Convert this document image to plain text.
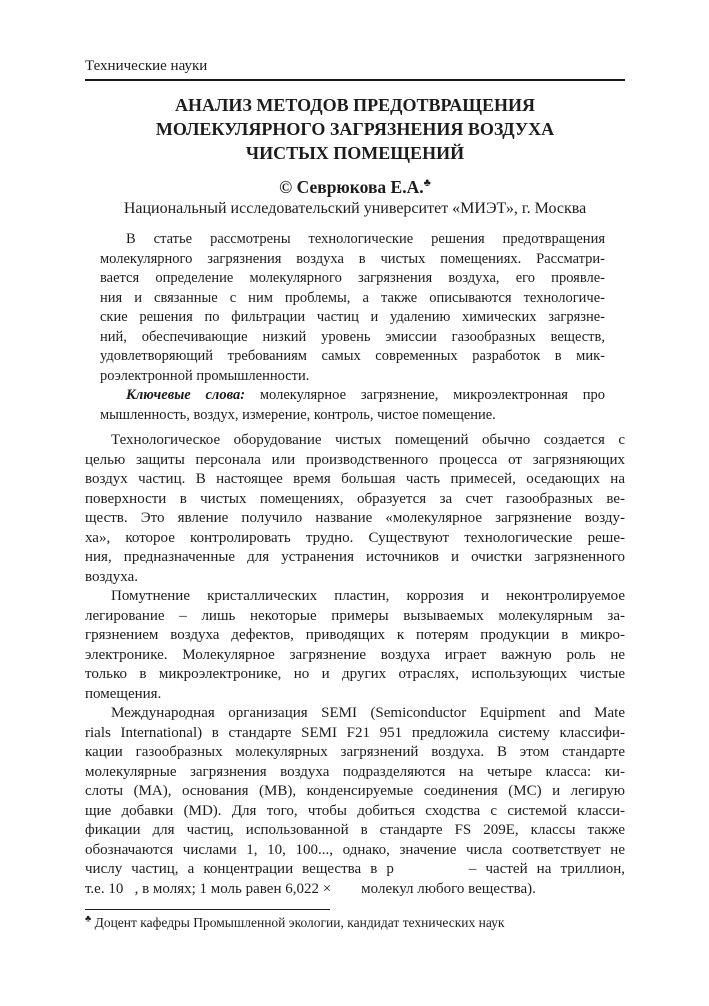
Технические науки
АНАЛИЗ МЕТОДОВ ПРЕДОТВРАЩЕНИЯ
МОЛЕКУЛЯРНОГО ЗАГРЯЗНЕНИЯ ВОЗДУХА
ЧИСТЫХ ПОМЕЩЕНИЙ
© Севрюкова Е.А.♣
Национальный исследовательский университет «МИЭТ», г. Москва
В статье рассмотрены технологические решения предотвращения
молекулярного загрязнения воздуха в чистых помещениях. Рассматри-
вается определение молекулярного загрязнения воздуха, его проявле-
ния и связанные с ним проблемы, а также описываются технологиче-
ские решения по фильтрации частиц и удалению химических загрязне-
ний, обеспечивающие низкий уровень эмиссии газообразных веществ,
удовлетворяющий требованиям самых современных разработок в мик-
роэлектронной промышленности.
Ключевые слова: молекулярное загрязнение, микроэлектронная про
мышленность, воздух, измерение, контроль, чистое помещение.
Технологическое оборудование чистых помещений обычно создается с
целью защиты персонала или производственного процесса от загрязняющих
воздух частиц. В настоящее время большая часть примесей, оседающих на
поверхности в чистых помещениях, образуется за счет газообразных ве-
ществ. Это явление получило название «молекулярное загрязнение возду-
ха», которое контролировать трудно. Существуют технологические реше-
ния, предназначенные для устранения источников и очистки загрязненного
воздуха.
Помутнение кристаллических пластин, коррозия и неконтролируемое
легирование – лишь некоторые примеры вызываемых молекулярным за-
грязнением воздуха дефектов, приводящих к потерям продукции в микро-
электронике. Молекулярное загрязнение воздуха играет важную роль не
только в микроэлектронике, но и других отраслях, использующих чистые
помещения.
Международная организация SEMI (Semiconductor Equipment and Mate
rials International) в стандарте SEMI F21 951 предложила систему классифи-
кации газообразных молекулярных загрязнений воздуха. В этом стандарте
молекулярные загрязнения воздуха подразделяются на четыре класса: ки-
слоты (МА), основания (МВ), конденсируемые соединения (МС) и легирую
щие добавки (MD). Для того, чтобы добиться сходства с системой класси-
фикации для частиц, использованной в стандарте FS 209E, классы также
обозначаются числами 1, 10, 100..., однако, значение числа соответствует не
числу частиц, а концентрации вещества в р     – частей на триллион,
т.е. 10  , в молях; 1 моль равен 6,022 ×   молекул любого вещества).
♣ Доцент кафедры Промышленной экологии, кандидат технических наук
